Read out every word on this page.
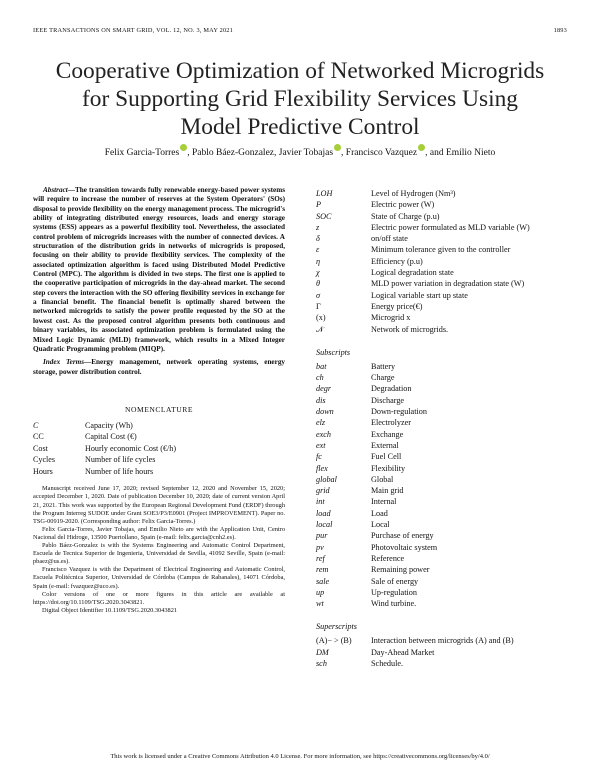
IEEE TRANSACTIONS ON SMART GRID, VOL. 12, NO. 3, MAY 2021	1893
Cooperative Optimization of Networked Microgrids
for Supporting Grid Flexibility Services Using
Model Predictive Control
Felix Garcia-Torres , Pablo Báez-Gonzalez, Javier Tobajas , Francisco Vazquez , and Emilio Nieto

Abstract—The transition towards fully renewable energy-based power systems will require to increase the number of reserves at the System Operators' (SOs) disposal to provide flexibility on the energy management process. The microgrid's ability of integrating distributed energy resources, loads and energy storage systems (ESS) appears as a powerful flexibility tool. Nevertheless, the associated control problem of microgrids increases with the number of connected devices. A structuration of the distribution grids in networks of microgrids is proposed, focusing on their ability to provide flexibility services. The complexity of the associated optimization algorithm is faced using Distributed Model Predictive Control (MPC). The algorithm is divided in two steps. The first one is applied to the cooperative participation of microgrids in the day-ahead market. The second step covers the interaction with the SO offering flexibility services in exchange for a financial benefit. The financial benefit is optimally shared between the networked microgrids to satisfy the power profile requested by the SO at the lowest cost. As the proposed control algorithm presents both continuous and binary variables, its associated optimization problem is formulated using the Mixed Logic Dynamic (MLD) framework, which results in a Mixed Integer Quadratic Programming problem (MIQP).

Index Terms—Energy management, network operating systems, energy storage, power distribution control.
NOMENCLATURE
C	Capacity (Wh)
CC	Capital Cost (€)
Cost	Hourly economic Cost (€/h)
Cycles	Number of life cycles
Hours	Number of life hours

Manuscript received June 17, 2020; revised September 12, 2020 and November 15, 2020; accepted December 1, 2020. Date of publication December 10, 2020; date of current version April 21, 2021. This work was supported by the European Regional Development Fund (ERDF) through the Program Interreg SUDOE under Grant SOE3/P3/E0901 (Project IMPROVEMENT). Paper no. TSG-00919-2020. (Corresponding author: Felix Garcia-Torres.)

Felix Garcia-Torres, Javier Tobajas, and Emilio Nieto are with the Application Unit, Centro Nacional del Hidroge, 13500 Puertollano, Spain (e-mail: felix.garcia@cnh2.es).

Pablo Báez-Gonzalez is with the Systems Engineering and Automatic Control Department, Escuela de Tecnica Superior de Ingenieria, Universidad de Sevilla, 41092 Seville, Spain (e-mail: pbaez@us.es).

Francisco Vazquez is with the Department of Electrical Engineering and Automatic Control, Escuela Politécnica Superior, Universidad de Córdoba (Campus de Rabanales), 14071 Córdoba, Spain (e-mail: fvazquez@uco.es).

Color versions of one or more figures in this article are available at https://doi.org/10.1109/TSG.2020.3043821.

Digital Object Identifier 10.1109/TSG.2020.3043821

LOH	Level of Hydrogen (Nm³)
P	Electric power (W)
SOC	State of Charge (p.u)
z	Electric power formulated as MLD variable (W)
δ	on/off state
ε	Minimum tolerance given to the controller
η	Efficiency (p.u)
χ	Logical degradation state
θ	MLD power variation in degradation state (W)
σ	Logical variable start up state
Γ	Energy price(€)
(x)	Microgrid x
𝒩	Network of microgrids.
Subscripts
bat	Battery
ch	Charge
degr	Degradation
dis	Discharge
down	Down-regulation
elz	Electrolyzer
exch	Exchange
ext	External
fc	Fuel Cell
flex	Flexibility
global	Global
grid	Main grid
int	Internal
load	Load
local	Local
pur	Purchase of energy
pv	Photovoltaic system
ref	Reference
rem	Remaining power
sale	Sale of energy
up	Up-regulation
wt	Wind turbine.
Superscripts
(A)− > (B)	Interaction between microgrids (A) and (B)
DM	Day-Ahead Market
sch	Schedule.
This work is licensed under a Creative Commons Attribution 4.0 License. For more information, see https://creativecommons.org/licenses/by/4.0/
